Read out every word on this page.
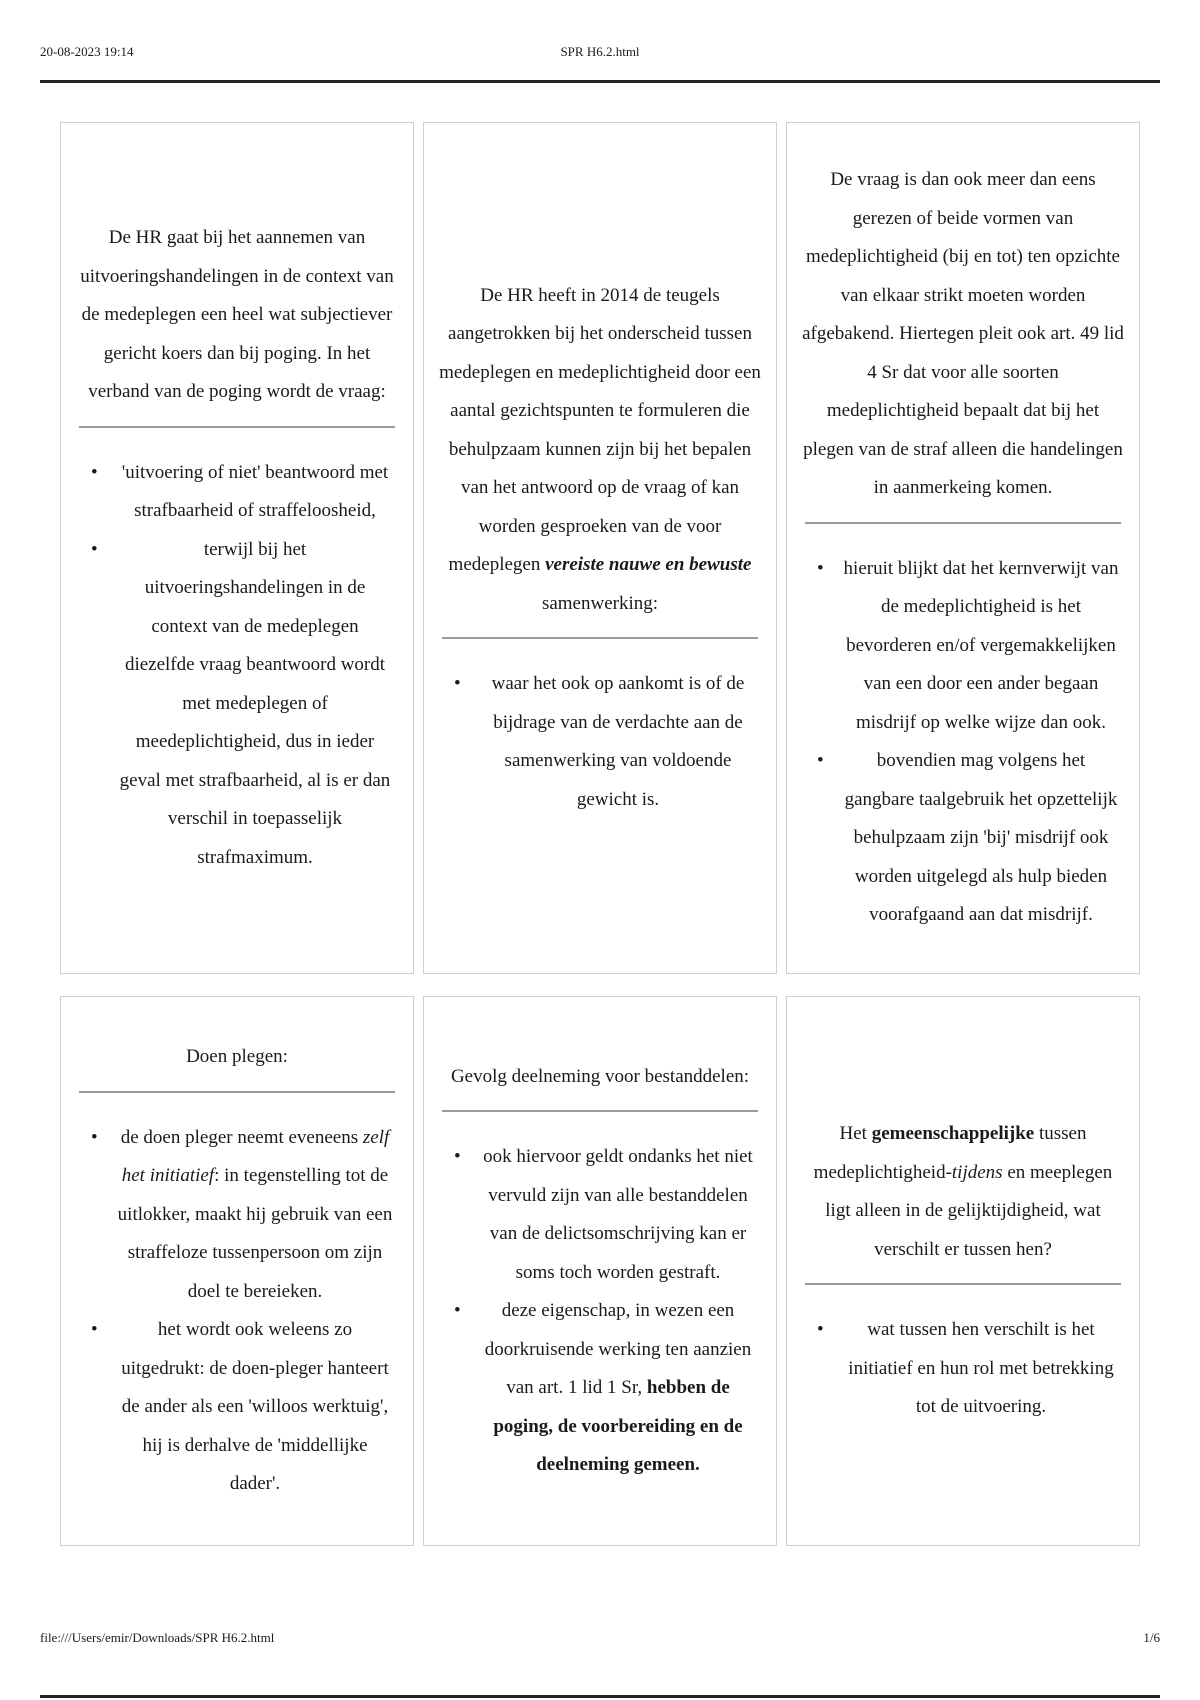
20-08-2023 19:14	SPR H6.2.html

De HR gaat bij het aannemen van uitvoeringshandelingen in de context van de medeplegen een heel wat subjectiever gericht koers dan bij poging. In het verband van de poging wordt de vraag:

• 'uitvoering of niet' beantwoord met strafbaarheid of straffeloosheid,
• terwijl bij het uitvoeringshandelingen in de context van de medeplegen diezelfde vraag beantwoord wordt met medeplegen of meedeplichtigheid, dus in ieder geval met strafbaarheid, al is er dan verschil in toepasselijk strafmaximum.

De HR heeft in 2014 de teugels aangetrokken bij het onderscheid tussen medeplegen en medeplichtigheid door een aantal gezichtspunten te formuleren die behulpzaam kunnen zijn bij het bepalen van het antwoord op de vraag of kan worden gesproeken van de voor medeplegen vereiste nauwe en bewuste samenwerking:

• waar het ook op aankomt is of de bijdrage van de verdachte aan de samenwerking van voldoende gewicht is.

De vraag is dan ook meer dan eens gerezen of beide vormen van medeplichtigheid (bij en tot) ten opzichte van elkaar strikt moeten worden afgebakend. Hiertegen pleit ook art. 49 lid 4 Sr dat voor alle soorten medeplichtigheid bepaalt dat bij het plegen van de straf alleen die handelingen in aanmerkeing komen.

• hieruit blijkt dat het kernverwijt van de medeplichtigheid is het bevorderen en/of vergemakkelijken van een door een ander begaan misdrijf op welke wijze dan ook.
• bovendien mag volgens het gangbare taalgebruik het opzettelijk behulpzaam zijn 'bij' misdrijf ook worden uitgelegd als hulp bieden voorafgaand aan dat misdrijf.

Doen plegen:

• de doen pleger neemt eveneens zelf het initiatief: in tegenstelling tot de uitlokker, maakt hij gebruik van een straffeloze tussenpersoon om zijn doel te bereieken.
• het wordt ook weleens zo uitgedrukt: de doen-pleger hanteert de ander als een 'willoos werktuig', hij is derhalve de 'middellijke dader'.

Gevolg deelneming voor bestanddelen:

• ook hiervoor geldt ondanks het niet vervuld zijn van alle bestanddelen van de delictsomschrijving kan er soms toch worden gestraft.
• deze eigenschap, in wezen een doorkruisende werking ten aanzien van art. 1 lid 1 Sr, hebben de poging, de voorbereiding en de deelneming gemeen.

Het gemeenschappelijke tussen medeplichtigheid-tijdens en meeplegen ligt alleen in de gelijktijdigheid, wat verschilt er tussen hen?

• wat tussen hen verschilt is het initiatief en hun rol met betrekking tot de uitvoering.
file:///Users/emir/Downloads/SPR H6.2.html	1/6
